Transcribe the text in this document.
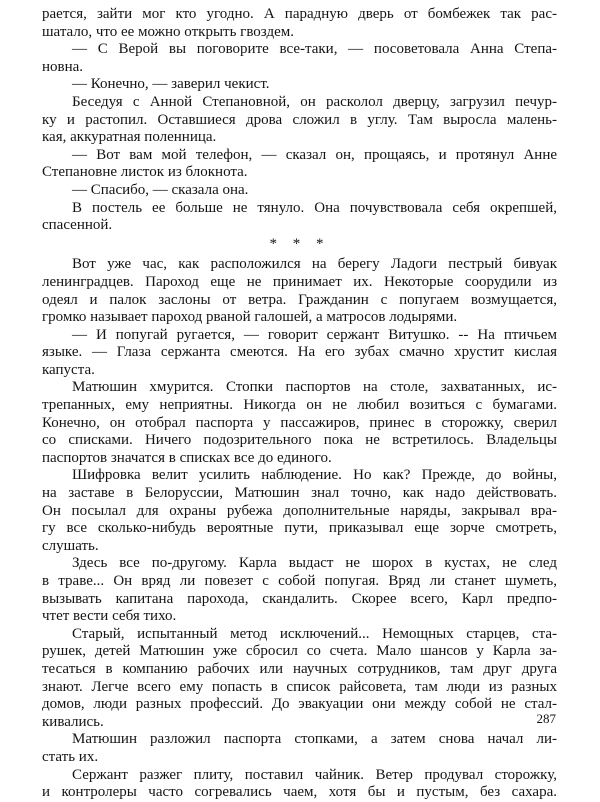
рается, зайти мог кто угодно. А парадную дверь от бомбежек так рас-
шатало, что ее можно открыть гвоздем.

— С Верой вы поговорите все-таки, — посоветовала Анна Степа-
новна.

— Конечно, — заверил чекист.

Беседуя с Анной Степановной, он расколол дверцу, загрузил печур-
ку и растопил. Оставшиеся дрова сложил в углу. Там выросла малень-
кая, аккуратная поленница.

— Вот вам мой телефон, — сказал он, прощаясь, и протянул Анне
Степановне листок из блокнота.

— Спасибо, — сказала она.

В постель ее больше не тянуло. Она почувствовала себя окрепшей,
спасенной.

* * *

Вот уже час, как расположился на берегу Ладоги пестрый бивуак
ленинградцев. Пароход еще не принимает их. Некоторые соорудили из
одеял и палок заслоны от ветра. Гражданин с попугаем возмущается,
громко называет пароход рваной галошей, а матросов лодырями.

— И попугай ругается, — говорит сержант Витушко. -- На птичьем
языке. — Глаза сержанта смеются. На его зубах смачно хрустит кислая
капуста.

Матюшин хмурится. Стопки паспортов на столе, захватанных, ис-
трепанных, ему неприятны. Никогда он не любил возиться с бумагами.
Конечно, он отобрал паспорта у пассажиров, принес в сторожку, сверил
со списками. Ничего подозрительного пока не встретилось. Владельцы
паспортов значатся в списках все до единого.

Шифровка велит усилить наблюдение. Но как? Прежде, до войны,
на заставе в Белоруссии, Матюшин знал точно, как надо действовать.
Он посылал для охраны рубежа дополнительные наряды, закрывал вра-
гу все сколько-нибудь вероятные пути, приказывал еще зорче смотреть,
слушать.

Здесь все по-другому. Карла выдаст не шорох в кустах, не след
в траве... Он вряд ли повезет с собой попугая. Вряд ли станет шуметь,
вызывать капитана парохода, скандалить. Скорее всего, Карл предпо-
чтет вести себя тихо.

Старый, испытанный метод исключений... Немощных старцев, ста-
рушек, детей Матюшин уже сбросил со счета. Мало шансов у Карла за-
тесаться в компанию рабочих или научных сотрудников, там друг друга
знают. Легче всего ему попасть в список райсовета, там люди из разных
домов, люди разных профессий. До эвакуации они между собой не стал-
кивались.

Матюшин разложил паспорта стопками, а затем снова начал ли-
стать их.

Сержант разжег плиту, поставил чайник. Ветер продувал сторожку,
и контролеры часто согревались чаем, хотя бы и пустым, без сахара.

287
